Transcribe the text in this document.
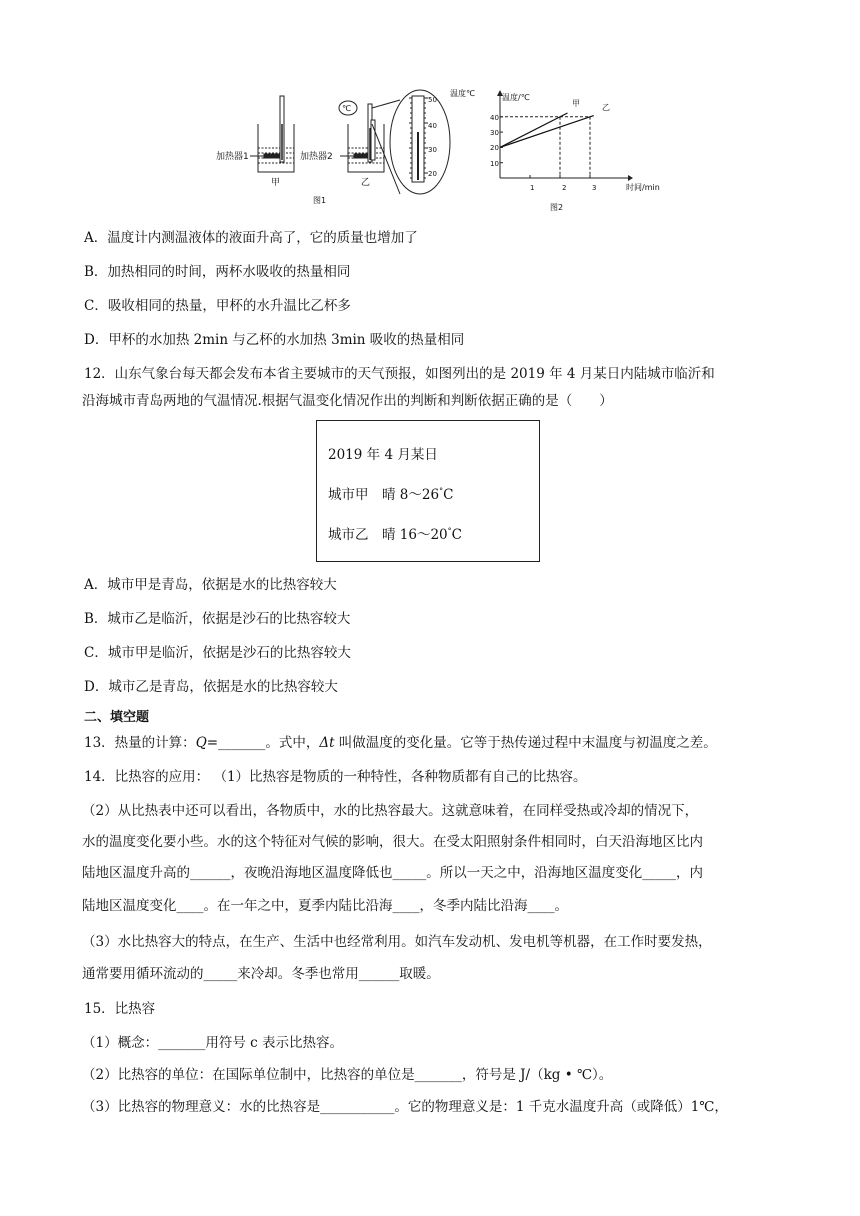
℃
加热器1	加热器2
甲	乙
图1
温度℃
50
40
30
20
温度/℃
时间/min
40
30
20
10
1	2	3
甲	乙
图2
A．温度计内测温液体的液面升高了，它的质量也增加了
B．加热相同的时间，两杯水吸收的热量相同
C．吸收相同的热量，甲杯的水升温比乙杯多
D．甲杯的水加热 2min 与乙杯的水加热 3min 吸收的热量相同
12．山东气象台每天都会发布本省主要城市的天气预报，如图列出的是 2019 年 4 月某日内陆城市临沂和
沿海城市青岛两地的气温情况.根据气温变化情况作出的判断和判断依据正确的是（　　）
2019 年 4 月某日
城市甲　晴 8～26°C
城市乙　晴 16～20°C
A．城市甲是青岛，依据是水的比热容较大
B．城市乙是临沂，依据是沙石的比热容较大
C．城市甲是临沂，依据是沙石的比热容较大
D．城市乙是青岛，依据是水的比热容较大
二、填空题
13．热量的计算：Q=_______。式中，Δt 叫做温度的变化量。它等于热传递过程中末温度与初温度之差。
14．比热容的应用： （1）比热容是物质的一种特性，各种物质都有自己的比热容。
（2）从比热表中还可以看出，各物质中，水的比热容最大。这就意味着，在同样受热或冷却的情况下，
水的温度变化要小些。水的这个特征对气候的影响，很大。在受太阳照射条件相同时，白天沿海地区比内
陆地区温度升高的______，夜晚沿海地区温度降低也_____。所以一天之中，沿海地区温度变化_____，内
陆地区温度变化____。在一年之中，夏季内陆比沿海____，冬季内陆比沿海____。
（3）水比热容大的特点，在生产、生活中也经常利用。如汽车发动机、发电机等机器，在工作时要发热，
通常要用循环流动的_____来冷却。冬季也常用______取暖。
15．比热容
（1）概念：_______用符号 c 表示比热容。
（2）比热容的单位：在国际单位制中，比热容的单位是_______，符号是 J/（kg • ℃）。
（3）比热容的物理意义：水的比热容是___________。它的物理意义是：1 千克水温度升高（或降低）1℃，
